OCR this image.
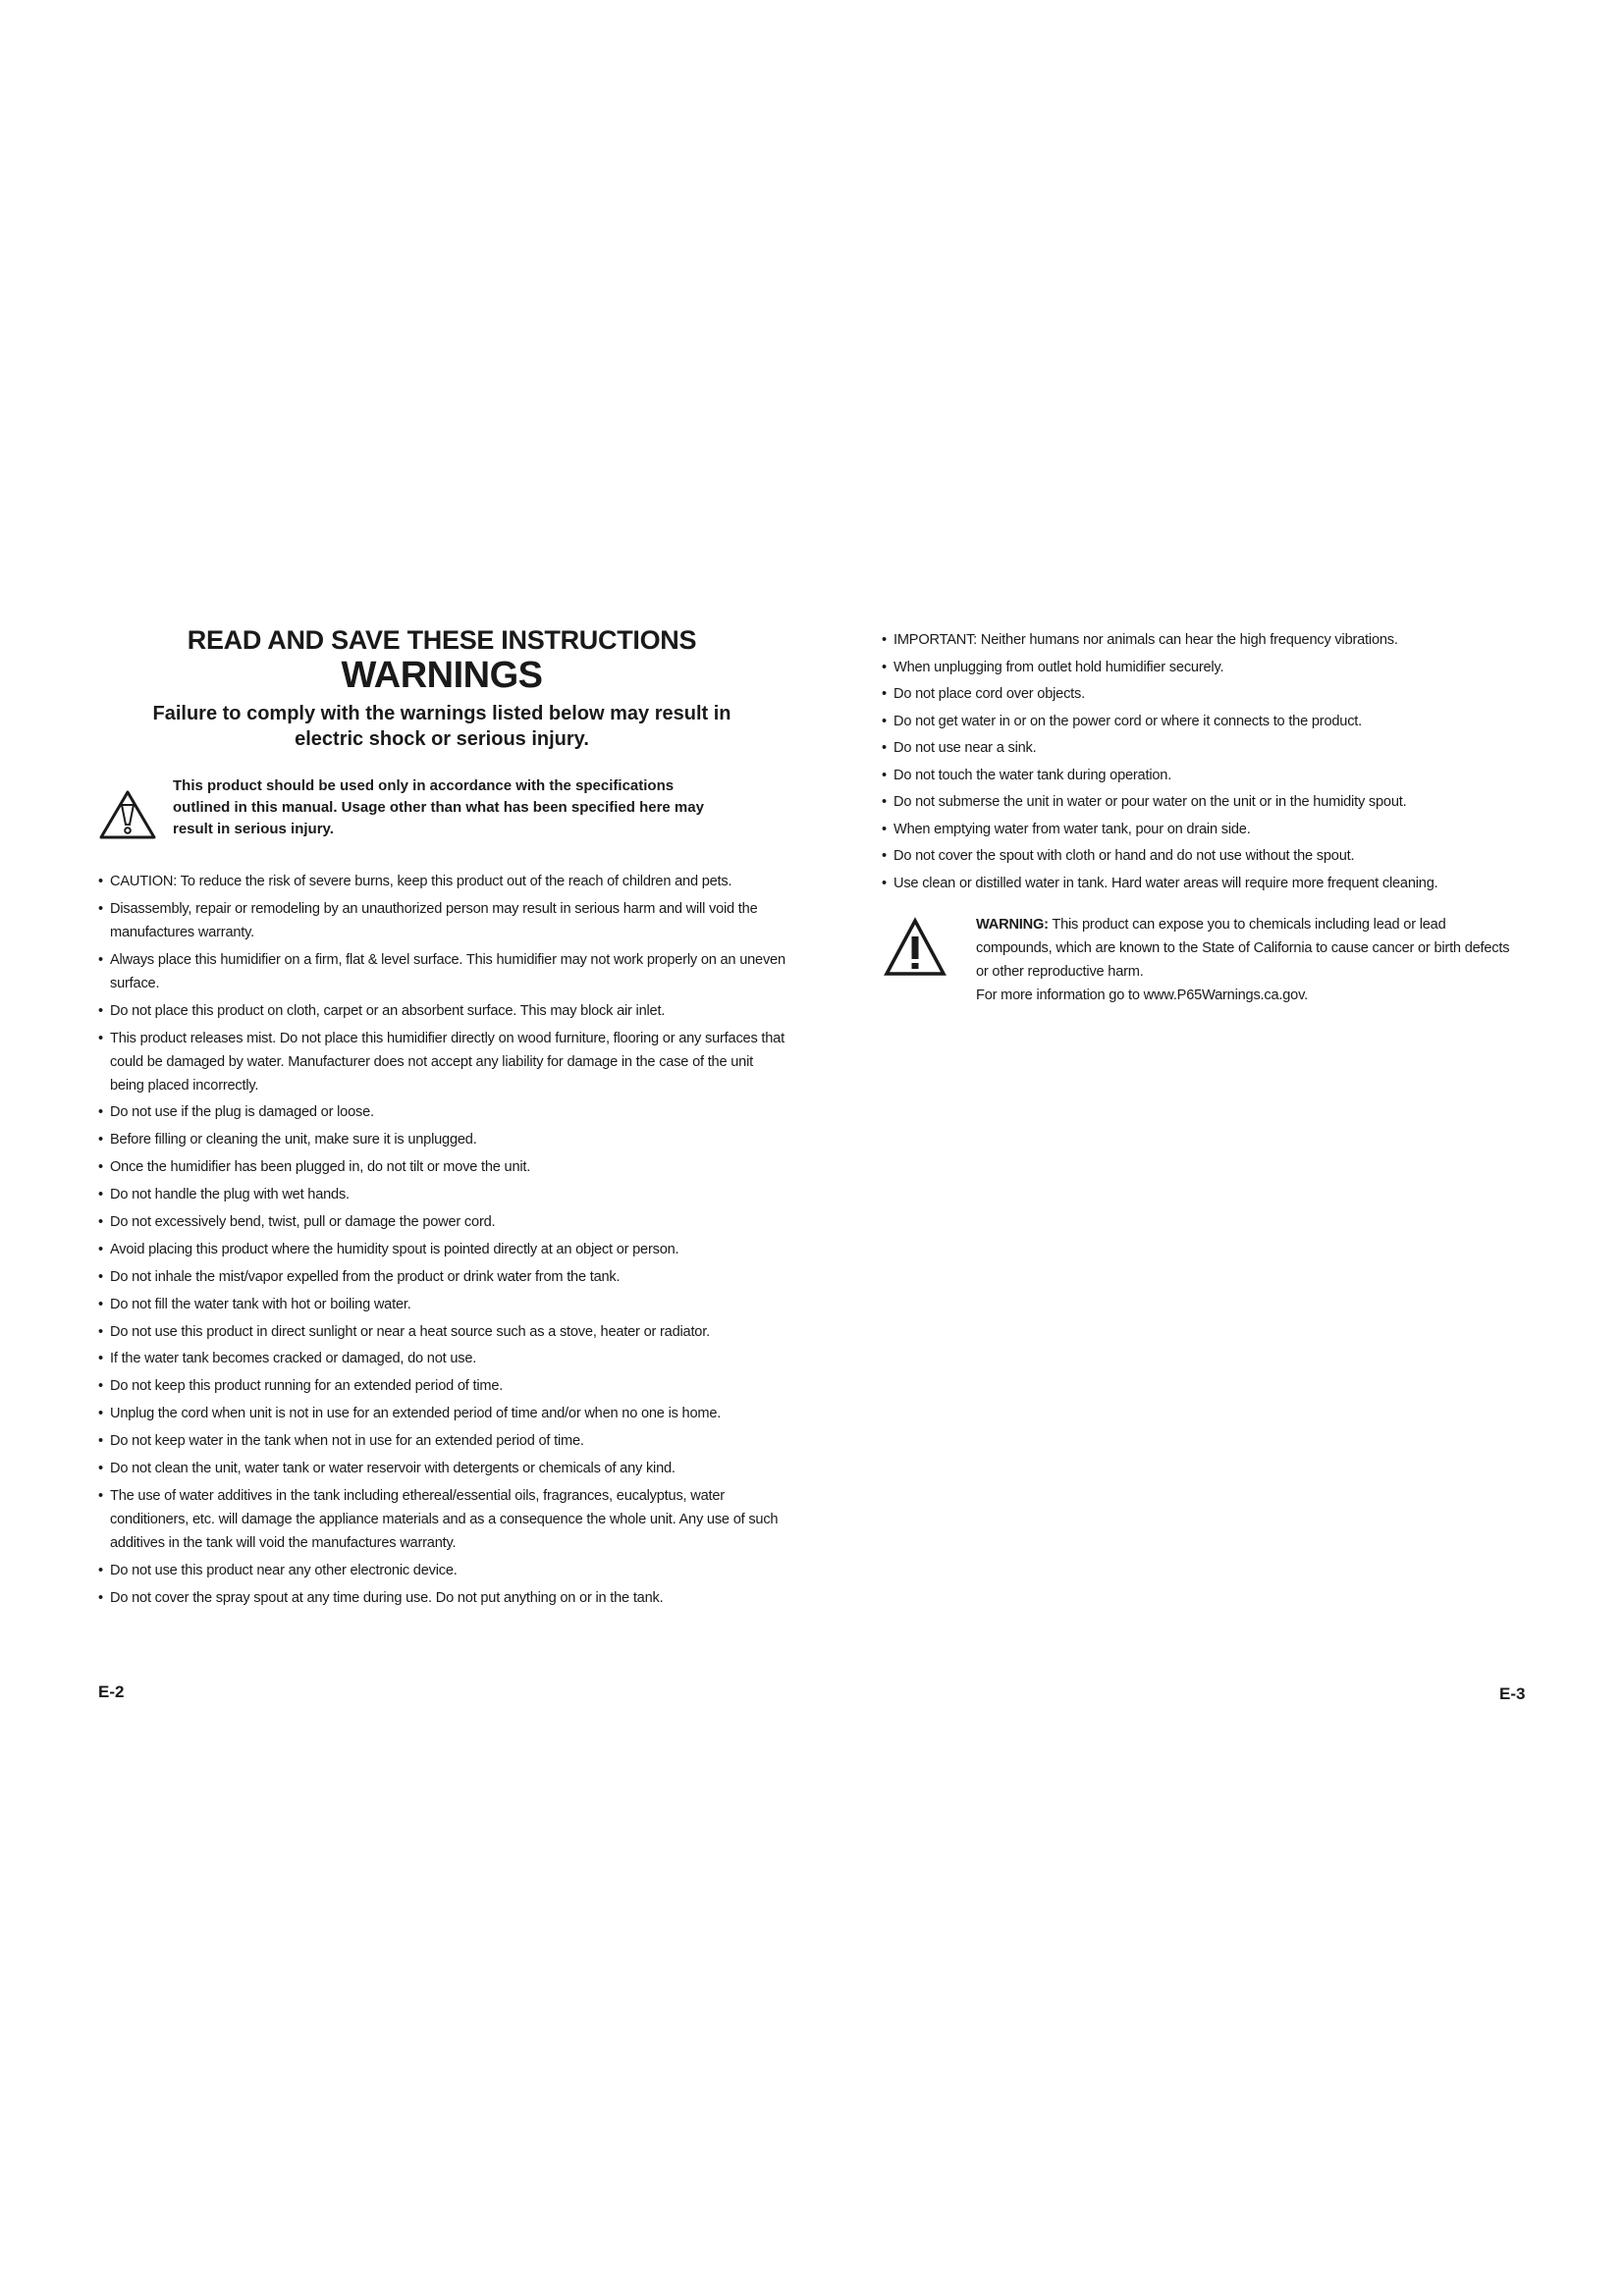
READ AND SAVE THESE INSTRUCTIONS
WARNINGS

Failure to comply with the warnings listed below may result in electric shock or serious injury.

This product should be used only in accordance with the specifications outlined in this manual. Usage other than what has been specified here may result in serious injury.
• CAUTION: To reduce the risk of severe burns, keep this product out of the reach of children and pets.
• Disassembly, repair or remodeling by an unauthorized person may result in serious harm and will void the manufactures warranty.
• Always place this humidifier on a firm, flat & level surface. This humidifier may not work properly on an uneven surface.
• Do not place this product on cloth, carpet or an absorbent surface. This may block air inlet.
• This product releases mist. Do not place this humidifier directly on wood furniture, flooring or any surfaces that could be damaged by water. Manufacturer does not accept any liability for damage in the case of the unit being placed incorrectly.
• Do not use if the plug is damaged or loose.
• Before filling or cleaning the unit, make sure it is unplugged.
• Once the humidifier has been plugged in, do not tilt or move the unit.
• Do not handle the plug with wet hands.
• Do not excessively bend, twist, pull or damage the power cord.
• Avoid placing this product where the humidity spout is pointed directly at an object or person.
• Do not inhale the mist/vapor expelled from the product or drink water from the tank.
• Do not fill the water tank with hot or boiling water.
• Do not use this product in direct sunlight or near a heat source such as a stove, heater or radiator.
• If the water tank becomes cracked or damaged, do not use.
• Do not keep this product running for an extended period of time.
• Unplug the cord when unit is not in use for an extended period of time and/or when no one is home.
• Do not keep water in the tank when not in use for an extended period of time.
• Do not clean the unit, water tank or water reservoir with detergents or chemicals of any kind.
• The use of water additives in the tank including ethereal/essential oils, fragrances, eucalyptus, water conditioners, etc. will damage the appliance materials and as a consequence the whole unit. Any use of such additives in the tank will void the manufactures warranty.
• Do not use this product near any other electronic device.
• Do not cover the spray spout at any time during use. Do not put anything on or in the tank.
• IMPORTANT: Neither humans nor animals can hear the high frequency vibrations.
• When unplugging from outlet hold humidifier securely.
• Do not place cord over objects.
• Do not get water in or on the power cord or where it connects to the product.
• Do not use near a sink.
• Do not touch the water tank during operation.
• Do not submerse the unit in water or pour water on the unit or in the humidity spout.
• When emptying water from water tank, pour on drain side.
• Do not cover the spout with cloth or hand and do not use without the spout.
• Use clean or distilled water in tank. Hard water areas will require more frequent cleaning.
WARNING: This product can expose you to chemicals including lead or lead compounds, which are known to the State of California to cause cancer or birth defects or other reproductive harm.
For more information go to www.P65Warnings.ca.gov.
E-2	E-3
